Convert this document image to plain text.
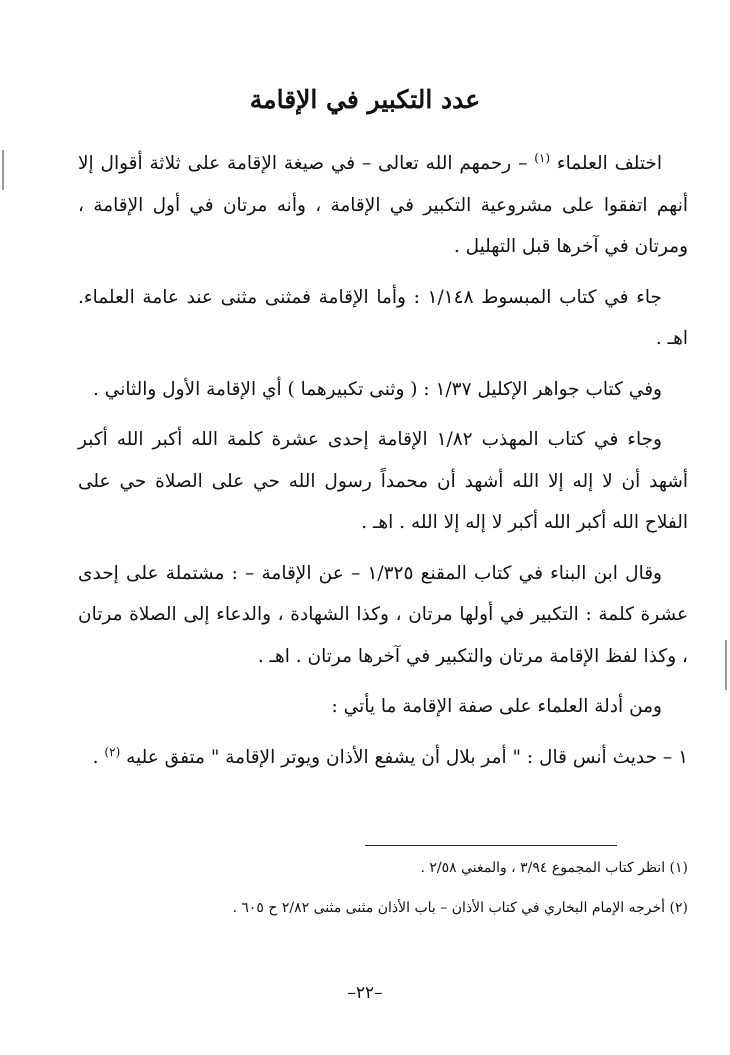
عدد التكبير في الإقامة

اختلف العلماء $^{(١)}$ – رحمهم الله تعالى – في صيغة الإقامة على ثلاثة أقوال إلا أنهم اتفقوا على مشروعية التكبير في الإقامة ، وأنه مرتان في أول الإقامة ، ومرتان في آخرها قبل التهليل .

جاء في كتاب المبسوط ١/١٤٨ : وأما الإقامة فمثنى مثنى عند عامة العلماء. اهـ .

وفي كتاب جواهر الإكليل ١/٣٧ : ( وثنى تكبيرهما ) أي الإقامة الأول والثاني .

وجاء في كتاب المهذب ١/٨٢ الإقامة إحدى عشرة كلمة الله أكبر الله أكبر أشهد أن لا إله إلا الله أشهد أن محمداً رسول الله حي على الصلاة حي على الفلاح الله أكبر الله أكبر لا إله إلا الله . اهـ .

وقال ابن البناء في كتاب المقنع ١/٣٢٥ – عن الإقامة – : مشتملة على إحدى عشرة كلمة : التكبير في أولها مرتان ، وكذا الشهادة ، والدعاء إلى الصلاة مرتان ، وكذا لفظ الإقامة مرتان والتكبير في آخرها مرتان . اهـ .

ومن أدلة العلماء على صفة الإقامة ما يأتي :

١ – حديث أنس قال : " أمر بلال أن يشفع الأذان ويوتر الإقامة " متفق عليه $^{(٢)}$ .

(١) انظر كتاب المجموع ٣/٩٤ ، والمغني ٢/٥٨ .
(٢) أخرجه الإمام البخاري في كتاب الأذان – باب الأذان مثنى مثنى ٢/٨٢ ح ٦٠٥ .
–٢٢–
